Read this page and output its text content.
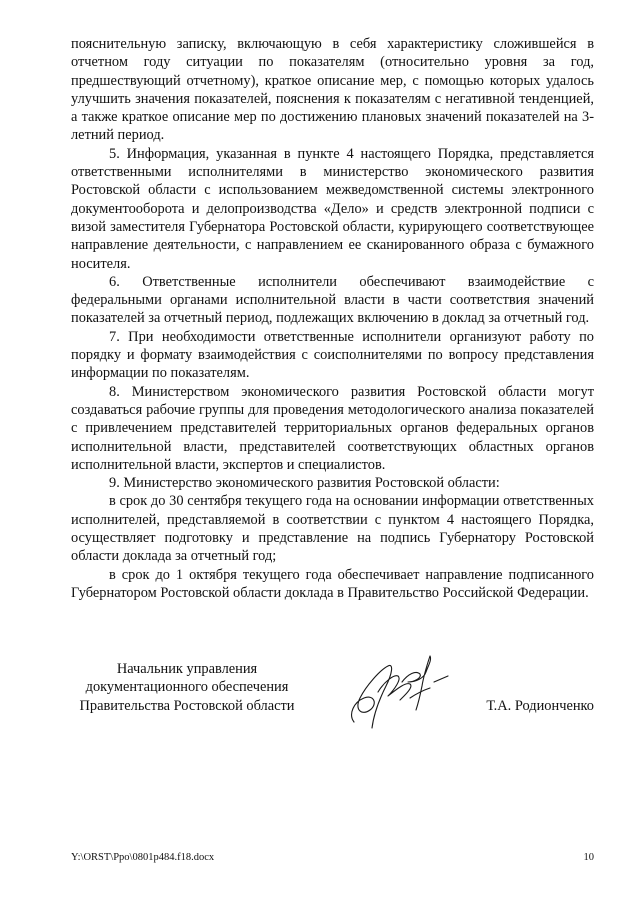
пояснительную записку, включающую в себя характеристику сложившейся в отчетном году ситуации по показателям (относительно уровня за год, предшествующий отчетному), краткое описание мер, с помощью которых удалось улучшить значения показателей, пояснения к показателям с негативной тенденцией, а также краткое описание мер по достижению плановых значений показателей на 3-летний период.

5. Информация, указанная в пункте 4 настоящего Порядка, представляется ответственными исполнителями в министерство экономического развития Ростовской области с использованием межведомственной системы электронного документооборота и делопроизводства «Дело» и средств электронной подписи с визой заместителя Губернатора Ростовской области, курирующего соответствующее направление деятельности, с направлением ее сканированного образа с бумажного носителя.

6. Ответственные исполнители обеспечивают взаимодействие с федеральными органами исполнительной власти в части соответствия значений показателей за отчетный период, подлежащих включению в доклад за отчетный год.

7. При необходимости ответственные исполнители организуют работу по порядку и формату взаимодействия с соисполнителями по вопросу представления информации по показателям.

8. Министерством экономического развития Ростовской области могут создаваться рабочие группы для проведения методологического анализа показателей с привлечением представителей территориальных органов федеральных органов исполнительной власти, представителей соответствующих областных органов исполнительной власти, экспертов и специалистов.

9. Министерство экономического развития Ростовской области:

в срок до 30 сентября текущего года на основании информации ответственных исполнителей, представляемой в соответствии с пунктом 4 настоящего Порядка, осуществляет подготовку и представление на подпись Губернатору Ростовской области доклада за отчетный год;

в срок до 1 октября текущего года обеспечивает направление подписанного Губернатором Ростовской области доклада в Правительство Российской Федерации.

Начальник управления
документационного обеспечения
Правительства Ростовской области	Т.А. Родионченко
Y:\ORST\Ppo\0801p484.f18.docx	10
